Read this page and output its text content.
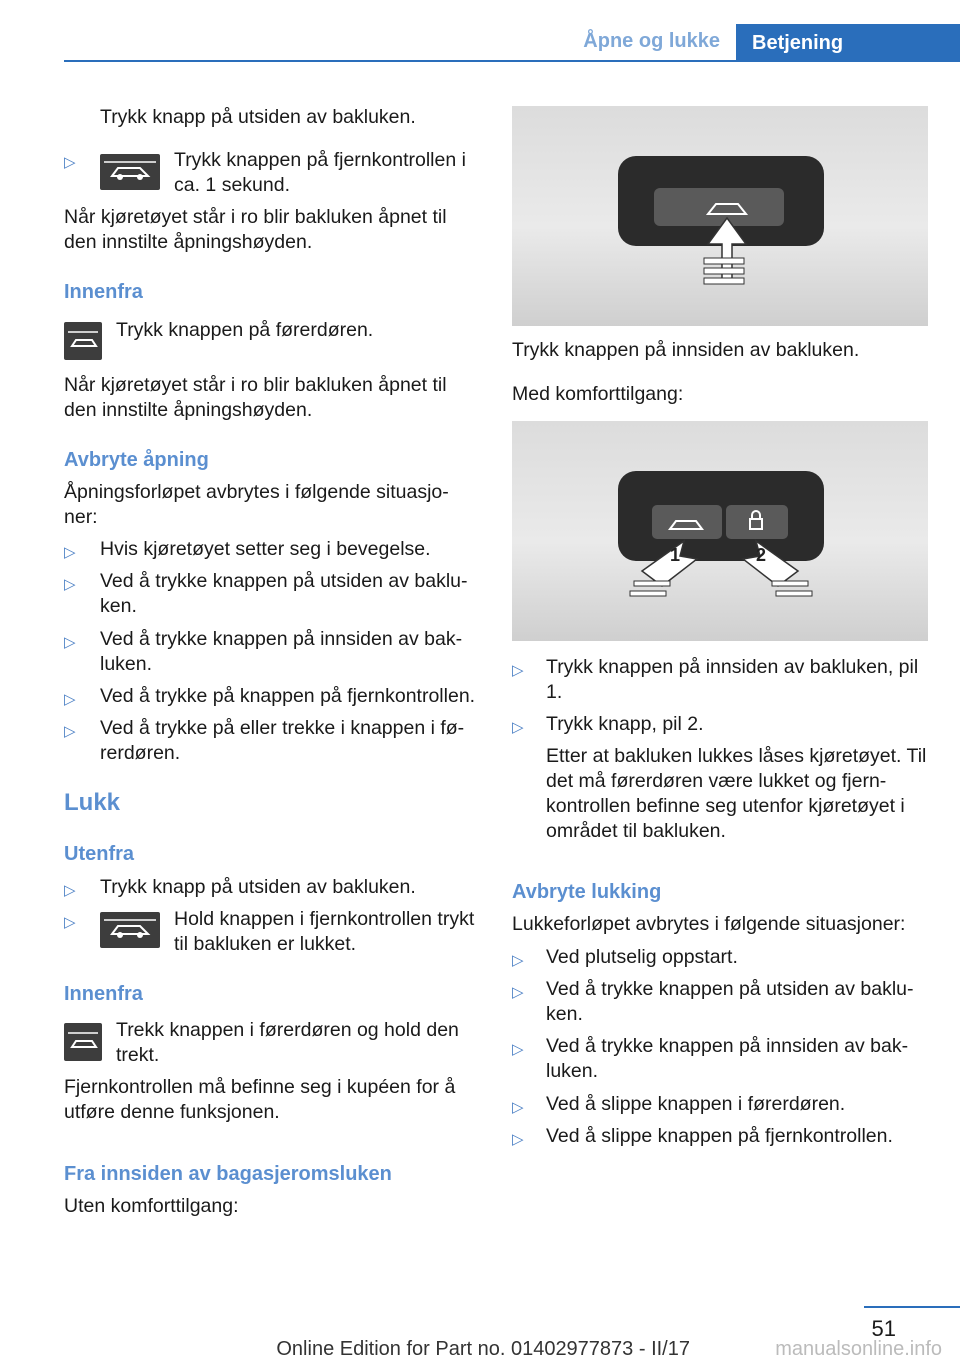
Åpne og lukke	Betjening
Trykk knapp på utsiden av bakluken.
▷	Trykk knappen på fjernkontrollen i ca. 1 sekund.
Når kjøretøyet står i ro blir bakluken åpnet til den innstilte åpningshøyden.
Innenfra
Trykk knappen på førerdøren.
Når kjøretøyet står i ro blir bakluken åpnet til den innstilte åpningshøyden.
Avbryte åpning
Åpningsforløpet avbrytes i følgende situasjo- ner:
▷ Hvis kjøretøyet setter seg i bevegelse.
▷ Ved å trykke knappen på utsiden av baklu- ken.
▷ Ved å trykke knappen på innsiden av bak- luken.
▷ Ved å trykke på knappen på fjernkontrollen.
▷ Ved å trykke på eller trekke i knappen i fø- rerdøren.
Lukk
Utenfra
▷ Trykk knapp på utsiden av bakluken.
▷	Hold knappen i fjernkontrollen trykt til bakluken er lukket.
Innenfra
Trekk knappen i førerdøren og hold den trekt.
Fjernkontrollen må befinne seg i kupéen for å utføre denne funksjonen.
Fra innsiden av bagasjeromsluken
Uten komforttilgang:
Trykk knappen på innsiden av bakluken.
Med komforttilgang:
1	2
▷ Trykk knappen på innsiden av bakluken, pil 1.
▷ Trykk knapp, pil 2.
Etter at bakluken lukkes låses kjøretøyet. Til det må førerdøren være lukket og fjern- kontrollen befinne seg utenfor kjøretøyet i området til bakluken.
Avbryte lukking
Lukkeforløpet avbrytes i følgende situasjoner:
▷ Ved plutselig oppstart.
▷ Ved å trykke knappen på utsiden av baklu- ken.
▷ Ved å trykke knappen på innsiden av bak- luken.
▷ Ved å slippe knappen i førerdøren.
▷ Ved å slippe knappen på fjernkontrollen.
51
Online Edition for Part no. 01402977873 - II/17	manualsonline.info
